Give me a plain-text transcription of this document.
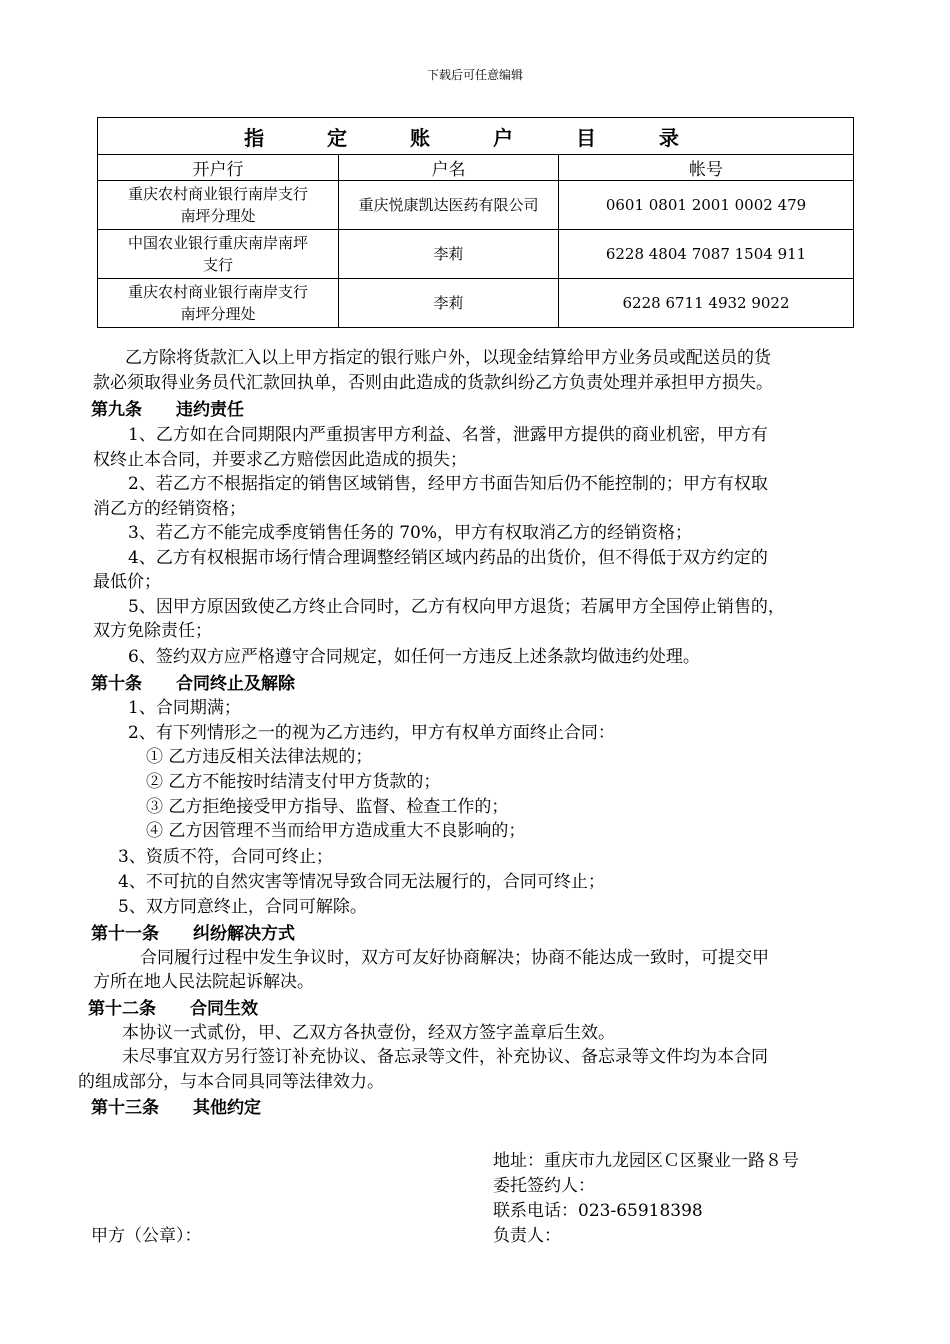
下载后可任意编辑
指 定 账 户 目 录		
开户行	户名	帐号

重庆农村商业银行南岸支行
南坪分理处	重庆悦康凯达医药有限公司	0601 0801 2001 0002 479

中国农业银行重庆南岸南坪
支行	李莉	6228 4804 7087 1504 911

重庆农村商业银行南岸支行
南坪分理处	李莉	6228 6711 4932 9022
乙方除将货款汇入以上甲方指定的银行账户外，以现金结算给甲方业务员或配送员的货
款必须取得业务员代汇款回执单，否则由此造成的货款纠纷乙方负责处理并承担甲方损失。
第九条　　违约责任
1、乙方如在合同期限内严重损害甲方利益、名誉，泄露甲方提供的商业机密，甲方有
权终止本合同，并要求乙方赔偿因此造成的损失；
2、若乙方不根据指定的销售区域销售，经甲方书面告知后仍不能控制的；甲方有权取
消乙方的经销资格；
3、若乙方不能完成季度销售任务的 70%，甲方有权取消乙方的经销资格；
4、乙方有权根据市场行情合理调整经销区域内药品的出货价，但不得低于双方约定的
最低价；
5、因甲方原因致使乙方终止合同时，乙方有权向甲方退货；若属甲方全国停止销售的，
双方免除责任；
6、签约双方应严格遵守合同规定，如任何一方违反上述条款均做违约处理。
第十条　　合同终止及解除
1、合同期满；
2、有下列情形之一的视为乙方违约，甲方有权单方面终止合同：
① 乙方违反相关法律法规的；
② 乙方不能按时结清支付甲方货款的；
③ 乙方拒绝接受甲方指导、监督、检查工作的；
④ 乙方因管理不当而给甲方造成重大不良影响的；
3、资质不符，合同可终止；
4、不可抗的自然灾害等情况导致合同无法履行的，合同可终止；
5、双方同意终止，合同可解除。
第十一条　　纠纷解决方式
合同履行过程中发生争议时，双方可友好协商解决；协商不能达成一致时，可提交甲
方所在地人民法院起诉解决。
第十二条　　合同生效
本协议一式贰份，甲、乙双方各执壹份，经双方签字盖章后生效。
未尽事宜双方另行签订补充协议、备忘录等文件，补充协议、备忘录等文件均为本合同
的组成部分，与本合同具同等法律效力。
第十三条　　其他约定
地址：重庆市九龙园区Ｃ区聚业一路８号
委托签约人：
联系电话：023-65918398
甲方（公章）：	负责人：
